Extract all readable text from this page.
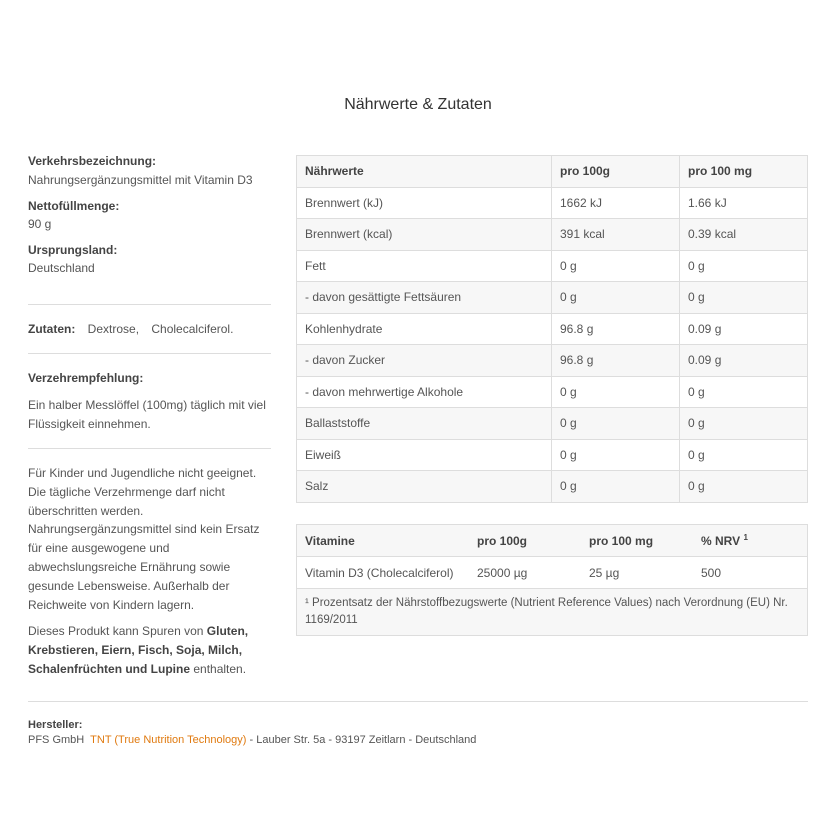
Nährwerte & Zutaten
Verkehrsbezeichnung:
Nahrungsergänzungsmittel mit Vitamin D3
Nettofüllmenge:
90 g
Ursprungsland:
Deutschland
Zutaten: Dextrose, Cholecalciferol.
Verzehrempfehlung:
Ein halber Messlöffel (100mg) täglich mit viel Flüssigkeit einnehmen.
Für Kinder und Jugendliche nicht geeignet. Die tägliche Verzehrmenge darf nicht überschritten werden. Nahrungsergänzungsmittel sind kein Ersatz für eine ausgewogene und abwechslungsreiche Ernährung sowie gesunde Lebensweise. Außerhalb der Reichweite von Kindern lagern.
Dieses Produkt kann Spuren von Gluten, Krebstieren, Eiern, Fisch, Soja, Milch, Schalenfrüchten und Lupine enthalten.
Nährwerte	pro 100g	pro 100 mg
Brennwert (kJ)	1662 kJ	1.66 kJ
Brennwert (kcal)	391 kcal	0.39 kcal
Fett	0 g	0 g
- davon gesättigte Fettsäuren	0 g	0 g
Kohlenhydrate	96.8 g	0.09 g
- davon Zucker	96.8 g	0.09 g
- davon mehrwertige Alkohole	0 g	0 g
Ballaststoffe	0 g	0 g
Eiweiß	0 g	0 g
Salz	0 g	0 g
Vitamine	pro 100g	pro 100 mg	% NRV $^1$
Vitamin D3 (Cholecalciferol)	25000 µg	25 µg	500
¹ Prozentsatz der Nährstoffbezugswerte (Nutrient Reference Values) nach Verordnung (EU) Nr. 1169/2011			
Hersteller:
PFS GmbH TNT (True Nutrition Technology) - Lauber Str. 5a - 93197 Zeitlarn - Deutschland
